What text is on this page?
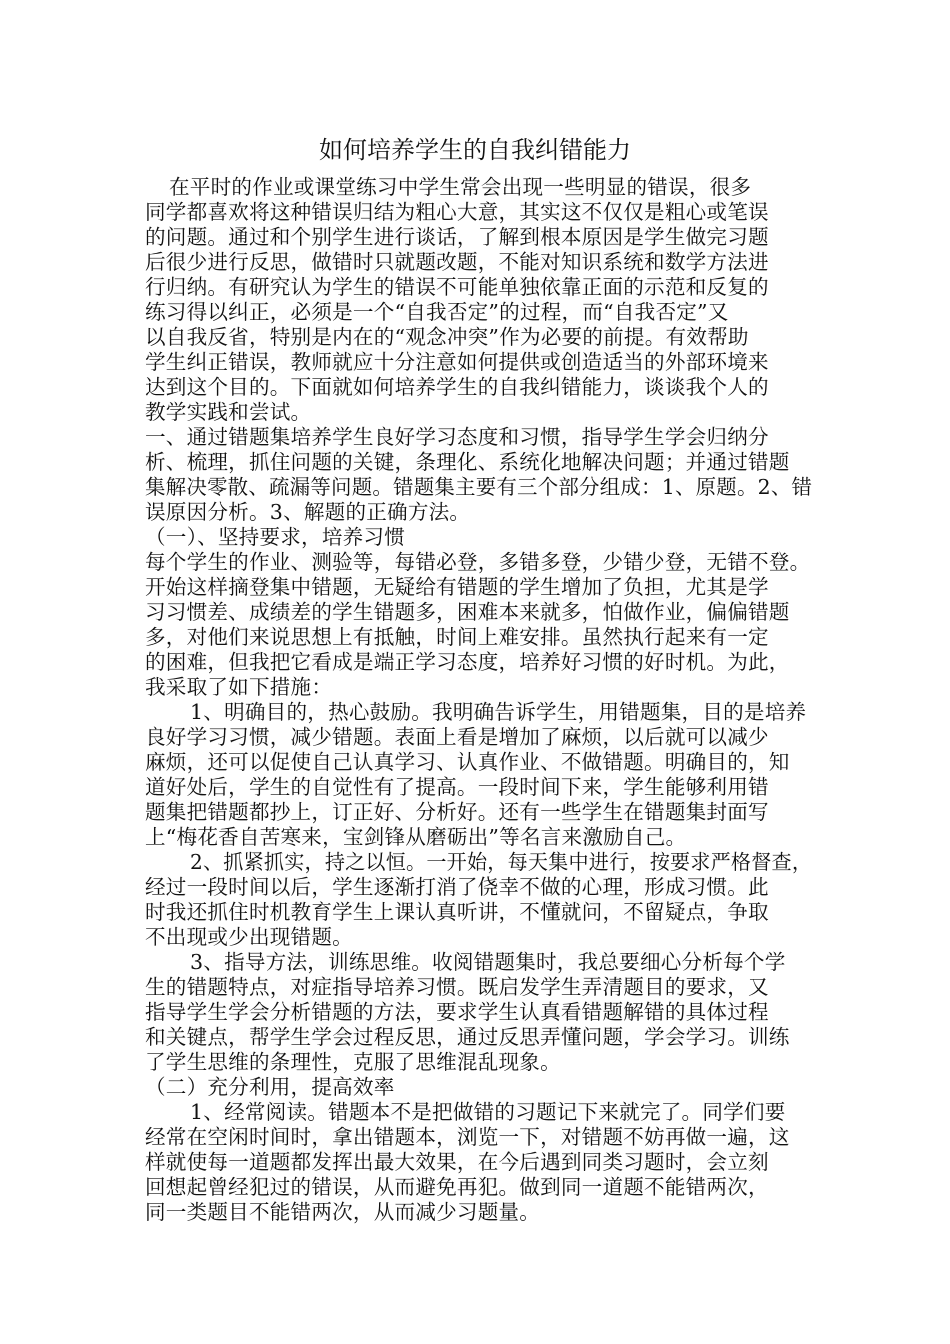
如何培养学生的自我纠错能力
在平时的作业或课堂练习中学生常会出现一些明显的错误，很多
同学都喜欢将这种错误归结为粗心大意，其实这不仅仅是粗心或笔误
的问题。通过和个别学生进行谈话，了解到根本原因是学生做完习题
后很少进行反思，做错时只就题改题，不能对知识系统和数学方法进
行归纳。有研究认为学生的错误不可能单独依靠正面的示范和反复的
练习得以纠正，必须是一个“自我否定”的过程，而“自我否定”又
以自我反省，特别是内在的“观念冲突”作为必要的前提。有效帮助
学生纠正错误，教师就应十分注意如何提供或创造适当的外部环境来
达到这个目的。下面就如何培养学生的自我纠错能力，谈谈我个人的
教学实践和尝试。
一、通过错题集培养学生良好学习态度和习惯，指导学生学会归纳分
析、梳理，抓住问题的关键，条理化、系统化地解决问题；并通过错题
集解决零散、疏漏等问题。错题集主要有三个部分组成：1、原题。2、错
误原因分析。3、解题的正确方法。
（一）、坚持要求，培养习惯
每个学生的作业、测验等，每错必登，多错多登，少错少登，无错不登。
开始这样摘登集中错题，无疑给有错题的学生增加了负担，尤其是学
习习惯差、成绩差的学生错题多，困难本来就多，怕做作业，偏偏错题
多，对他们来说思想上有抵触，时间上难安排。虽然执行起来有一定
的困难，但我把它看成是端正学习态度，培养好习惯的好时机。为此，
我采取了如下措施：
1、明确目的，热心鼓励。我明确告诉学生，用错题集，目的是培养
良好学习习惯，减少错题。表面上看是增加了麻烦，以后就可以减少
麻烦，还可以促使自己认真学习、认真作业、不做错题。明确目的，知
道好处后，学生的自觉性有了提高。一段时间下来，学生能够利用错
题集把错题都抄上，订正好、分析好。还有一些学生在错题集封面写
上“梅花香自苦寒来，宝剑锋从磨砺出”等名言来激励自己。
2、抓紧抓实，持之以恒。一开始，每天集中进行，按要求严格督查，
经过一段时间以后，学生逐渐打消了侥幸不做的心理，形成习惯。此
时我还抓住时机教育学生上课认真听讲，不懂就问，不留疑点，争取
不出现或少出现错题。
3、指导方法，训练思维。收阅错题集时，我总要细心分析每个学
生的错题特点，对症指导培养习惯。既启发学生弄清题目的要求，又
指导学生学会分析错题的方法，要求学生认真看错题解错的具体过程
和关键点，帮学生学会过程反思，通过反思弄懂问题，学会学习。训练
了学生思维的条理性，克服了思维混乱现象。
（二）充分利用，提高效率
1、经常阅读。错题本不是把做错的习题记下来就完了。同学们要
经常在空闲时间时，拿出错题本，浏览一下，对错题不妨再做一遍，这
样就使每一道题都发挥出最大效果，在今后遇到同类习题时，会立刻
回想起曾经犯过的错误，从而避免再犯。做到同一道题不能错两次，
同一类题目不能错两次，从而减少习题量。
